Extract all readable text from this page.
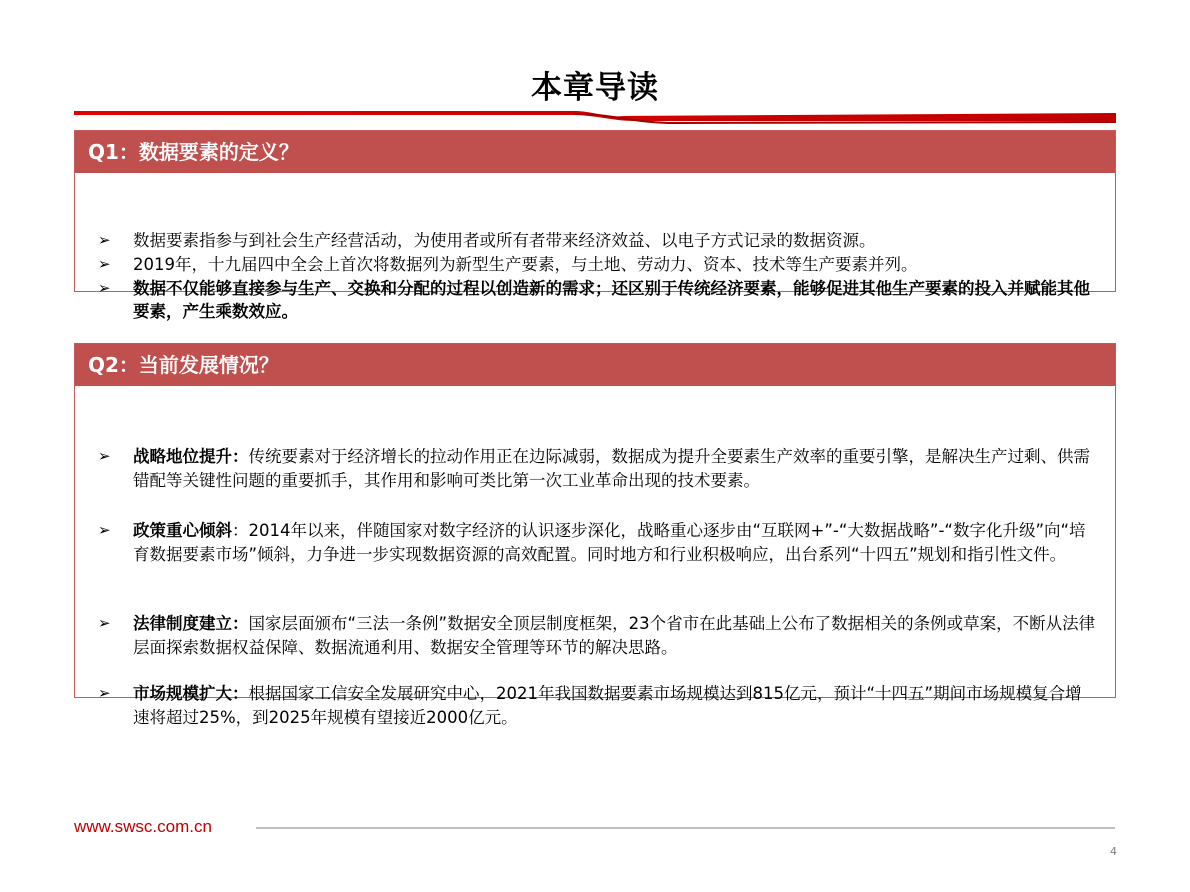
本章导读
Q1：数据要素的定义？
➢ 数据要素指参与到社会生产经营活动，为使用者或所有者带来经济效益、以电子方式记录的数据资源。
➢ 2019年，十九届四中全会上首次将数据列为新型生产要素，与土地、劳动力、资本、技术等生产要素并列。
➢ 数据不仅能够直接参与生产、交换和分配的过程以创造新的需求；还区别于传统经济要素，能够促进其他生产要素的投入并赋能其他要素，产生乘数效应。
Q2：当前发展情况？
➢ 战略地位提升：传统要素对于经济增长的拉动作用正在边际减弱，数据成为提升全要素生产效率的重要引擎，是解决生产过剩、供需错配等关键性问题的重要抓手，其作用和影响可类比第一次工业革命出现的技术要素。
➢ 政策重心倾斜：2014年以来，伴随国家对数字经济的认识逐步深化，战略重心逐步由“互联网+”-“大数据战略”-“数字化升级”向“培育数据要素市场”倾斜，力争进一步实现数据资源的高效配置。同时地方和行业积极响应，出台系列“十四五”规划和指引性文件。
➢ 法律制度建立：国家层面颁布“三法一条例”数据安全顶层制度框架，23个省市在此基础上公布了数据相关的条例或草案，不断从法律层面探索数据权益保障、数据流通利用、数据安全管理等环节的解决思路。
➢ 市场规模扩大：根据国家工信安全发展研究中心，2021年我国数据要素市场规模达到815亿元，预计“十四五”期间市场规模复合增速将超过25%，到2025年规模有望接近2000亿元。
www.swsc.com.cn
4
